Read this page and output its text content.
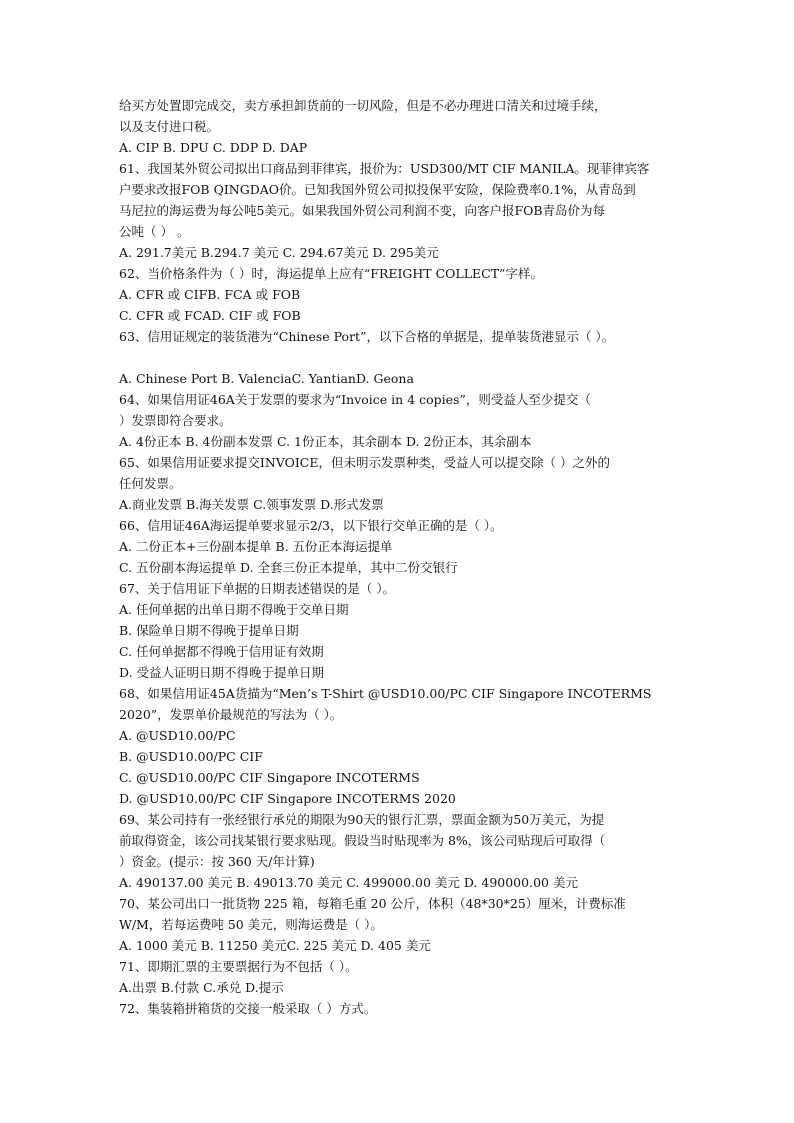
给买方处置即完成交，卖方承担卸货前的一切风险，但是不必办理进口清关和过境手续，
以及支付进口税。
A. CIP B. DPU C. DDP D. DAP
61、我国某外贸公司拟出口商品到菲律宾，报价为：USD300/MT CIF MANILA。现菲律宾客
户要求改报FOB QINGDAO价。已知我国外贸公司拟投保平安险，保险费率0.1%，从青岛到
马尼拉的海运费为每公吨5美元。如果我国外贸公司利润不变，向客户报FOB青岛价为每
公吨（ ） 。
A. 291.7美元 B.294.7 美元 C. 294.67美元 D. 295美元
62、当价格条件为（ ）时，海运提单上应有“FREIGHT COLLECT”字样。
A. CFR 或 CIFB. FCA 或 FOB
C. CFR 或 FCAD. CIF 或 FOB
63、信用证规定的装货港为“Chinese Port”，以下合格的单据是，提单装货港显示（ ）。
A. Chinese Port B. ValenciaC. YantianD. Geona
64、如果信用证46A关于发票的要求为“Invoice in 4 copies”，则受益人至少提交（
）发票即符合要求。
A. 4份正本 B. 4份副本发票 C. 1份正本，其余副本 D. 2份正本，其余副本
65、如果信用证要求提交INVOICE，但未明示发票种类，受益人可以提交除（ ）之外的
任何发票。
A.商业发票 B.海关发票 C.领事发票 D.形式发票
66、信用证46A海运提单要求显示2/3，以下银行交单正确的是（ ）。
A. 二份正本+三份副本提单 B. 五份正本海运提单
C. 五份副本海运提单 D. 全套三份正本提单，其中二份交银行
67、关于信用证下单据的日期表述错误的是（ ）。
A. 任何单据的出单日期不得晚于交单日期
B. 保险单日期不得晚于提单日期
C. 任何单据都不得晚于信用证有效期
D. 受益人证明日期不得晚于提单日期
68、如果信用证45A货描为“Men’s T-Shirt @USD10.00/PC CIF Singapore INCOTERMS
2020”，发票单价最规范的写法为（ ）。
A. @USD10.00/PC
B. @USD10.00/PC CIF
C. @USD10.00/PC CIF Singapore INCOTERMS
D. @USD10.00/PC CIF Singapore INCOTERMS 2020
69、某公司持有一张经银行承兑的期限为90天的银行汇票，票面金额为50万美元，为提
前取得资金，该公司找某银行要求贴现。假设当时贴现率为 8%，该公司贴现后可取得（
）资金。(提示：按 360 天/年计算)
A. 490137.00 美元 B. 49013.70 美元 C. 499000.00 美元 D. 490000.00 美元
70、某公司出口一批货物 225 箱，每箱毛重 20 公斤，体积（48*30*25）厘米，计费标准
W/M，若每运费吨 50 美元，则海运费是（ ）。
A. 1000 美元 B. 11250 美元C. 225 美元 D. 405 美元
71、即期汇票的主要票据行为不包括（ ）。
A.出票 B.付款 C.承兑 D.提示
72、集装箱拼箱货的交接一般采取（ ）方式。
